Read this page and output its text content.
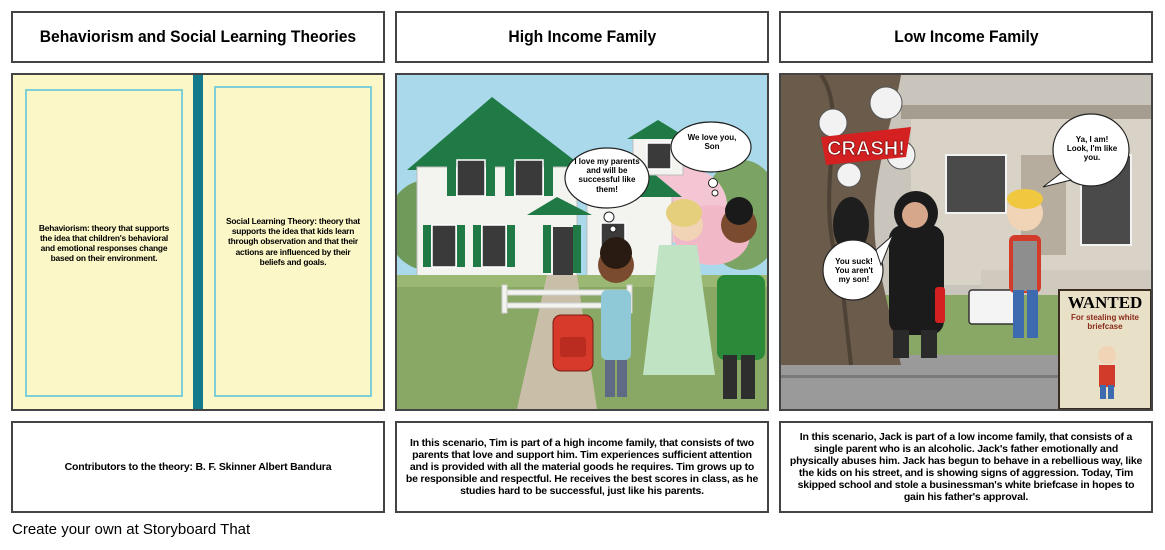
Behaviorism and Social Learning Theories	High Income Family	Low Income Family
Behaviorism: theory that supports the idea that children's behavioral and emotional responses change based on their environment.
Social Learning Theory: theory that supports the idea that kids learn through observation and that their actions are influenced by their beliefs and goals.
I love my parents and will be successful like them!
We love you, Son	CRASH!
You suck! You aren't my son!
Ya, I am! Look, I'm like you.
WANTED
For stealing white briefcase
Contributors to the theory: B. F. Skinner Albert Bandura
In this scenario, Tim is part of a high income family, that consists of two parents that love and support him. Tim experiences sufficient attention and is provided with all the material goods he requires. Tim grows up to be responsible and respectful. He receives the best scores in class, as he studies hard to be successful, just like his parents.
In this scenario, Jack is part of a low income family, that consists of a single parent who is an alcoholic. Jack's father emotionally and physically abuses him. Jack has begun to behave in a rebellious way, like the kids on his street, and is showing signs of aggression. Today, Tim skipped school and stole a businessman's white briefcase in hopes to gain his father's approval.
Create your own at Storyboard That
